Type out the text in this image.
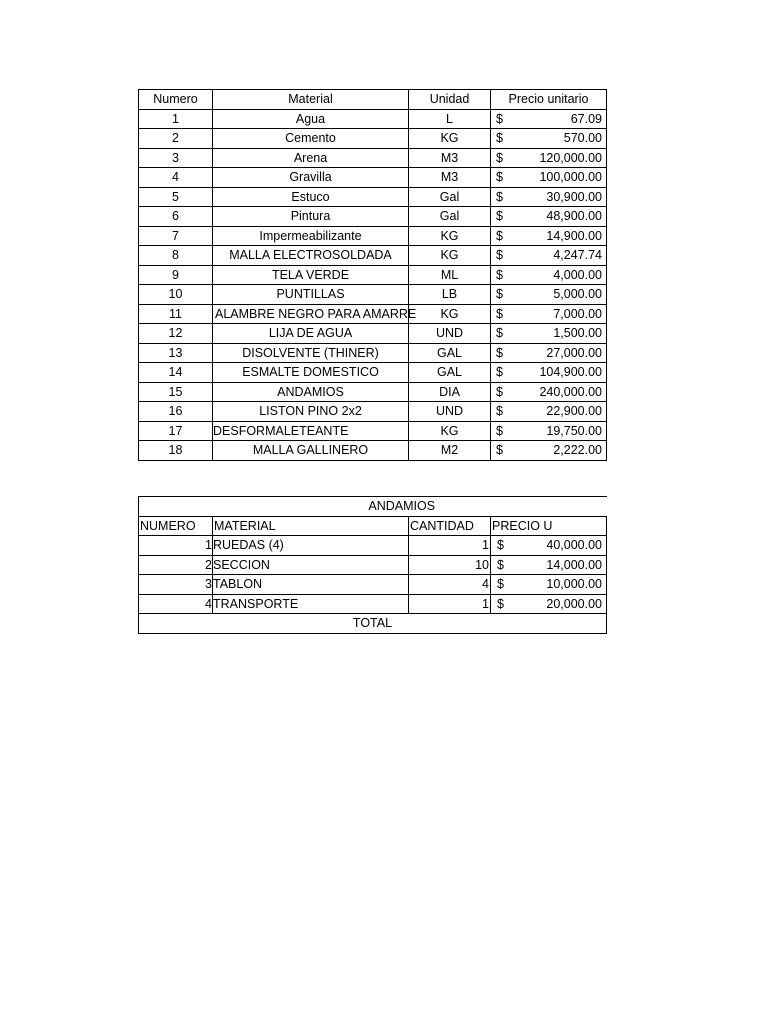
Numero	Material	Unidad	Precio unitario
1	Agua	L	$ 67.09
2	Cemento	KG	$ 570.00
3	Arena	M3	$ 120,000.00
4	Gravilla	M3	$ 100,000.00
5	Estuco	Gal	$ 30,900.00
6	Pintura	Gal	$ 48,900.00
7	Impermeabilizante	KG	$ 14,900.00
8	MALLA ELECTROSOLDADA	KG	$ 4,247.74
9	TELA VERDE	ML	$ 4,000.00
10	PUNTILLAS	LB	$ 5,000.00
11	ALAMBRE NEGRO PARA AMARRE	KG	$ 7,000.00
12	LIJA DE AGUA	UND	$ 1,500.00
13	DISOLVENTE (THINER)	GAL	$ 27,000.00
14	ESMALTE DOMESTICO	GAL	$ 104,900.00
15	ANDAMIOS	DIA	$ 240,000.00
16	LISTON PINO 2x2	UND	$ 22,900.00
17	DESFORMALETEANTE	KG	$ 19,750.00
18	MALLA GALLINERO	M2	$ 2,222.00
ANDAMIOS			
NUMERO	MATERIAL	CANTIDAD	PRECIO U
1	RUEDAS (4)	1	$ 40,000.00
2	SECCION	10	$ 14,000.00
3	TABLON	4	$ 10,000.00
4	TRANSPORTE	1	$ 20,000.00
TOTAL			
